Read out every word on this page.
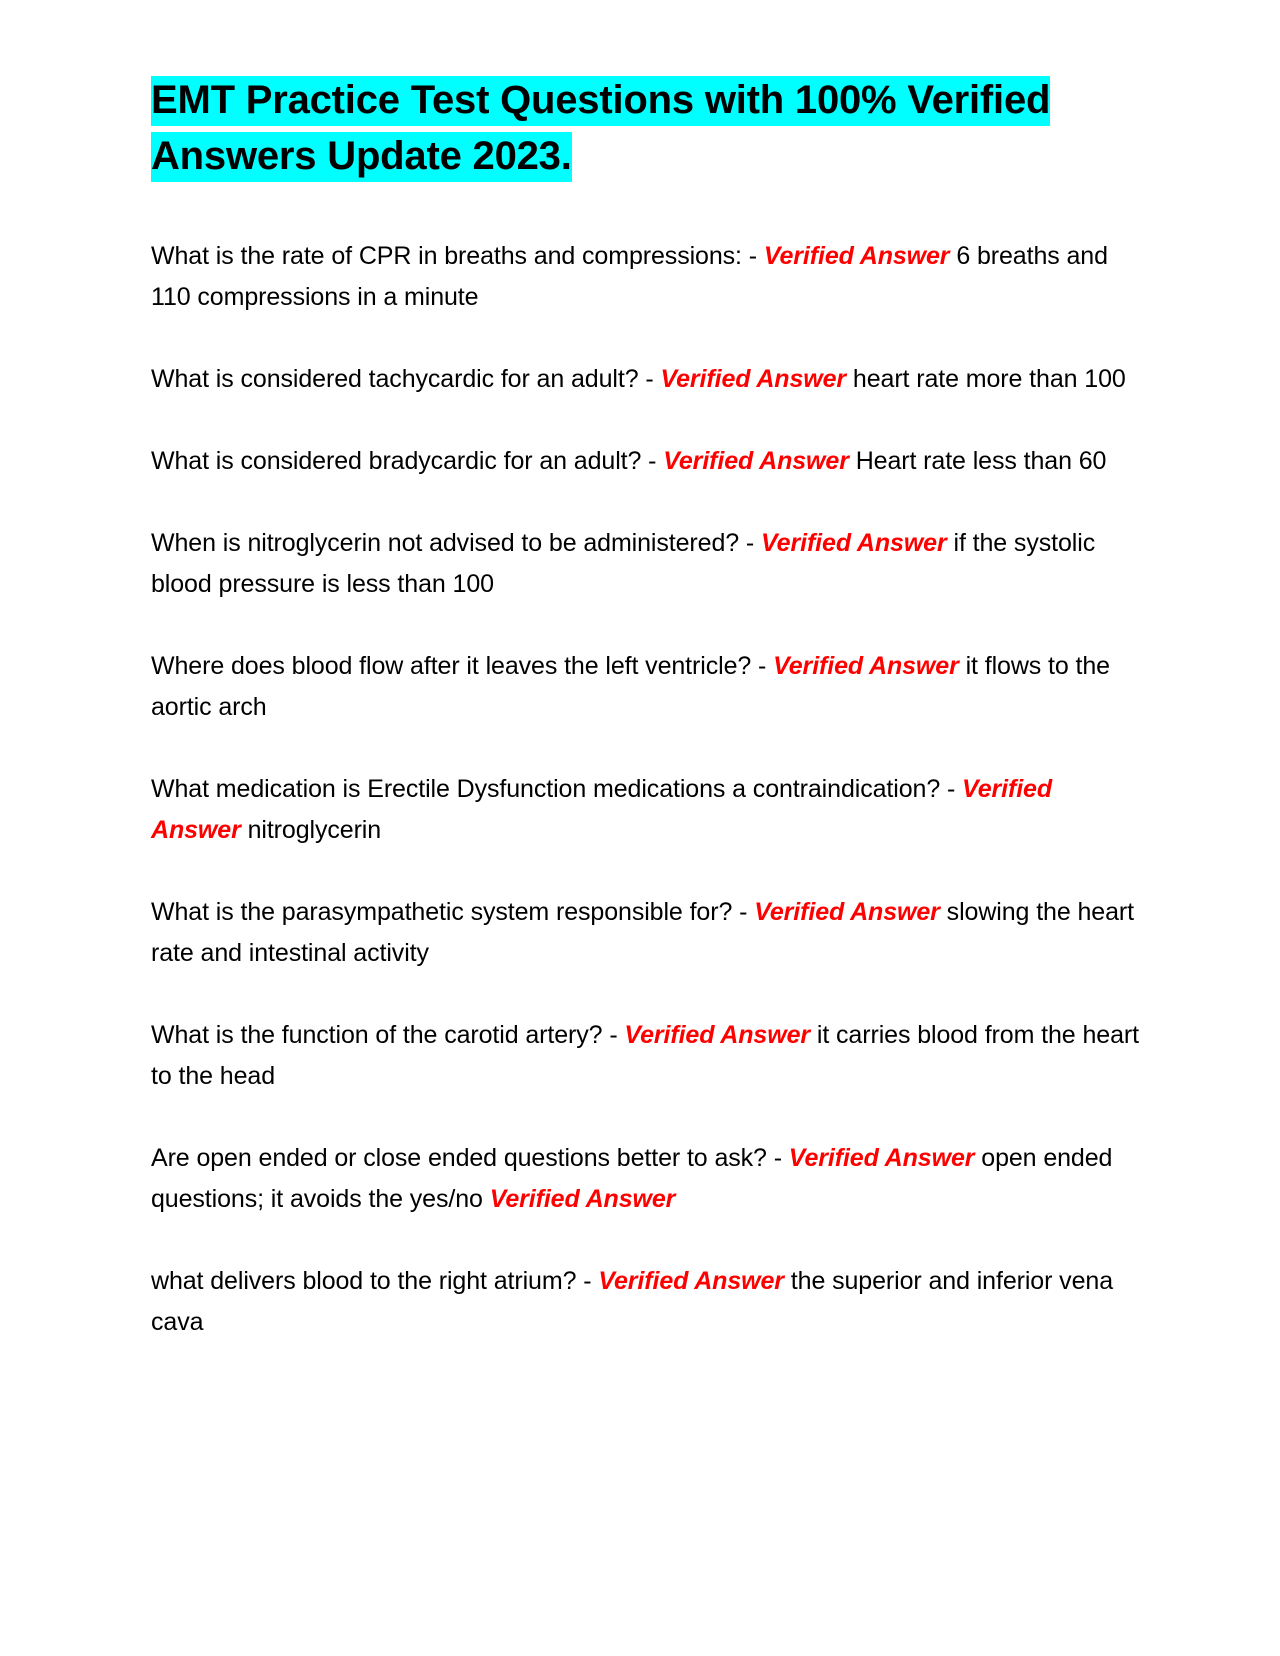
EMT Practice Test Questions with 100% Verified Answers Update 2023.

What is the rate of CPR in breaths and compressions: - Verified Answer 6 breaths and 110 compressions in a minute

What is considered tachycardic for an adult? - Verified Answer heart rate more than 100

What is considered bradycardic for an adult? - Verified Answer Heart rate less than 60

When is nitroglycerin not advised to be administered? - Verified Answer if the systolic blood pressure is less than 100

Where does blood flow after it leaves the left ventricle? - Verified Answer it flows to the aortic arch

What medication is Erectile Dysfunction medications a contraindication? - Verified Answer nitroglycerin

What is the parasympathetic system responsible for? - Verified Answer slowing the heart rate and intestinal activity

What is the function of the carotid artery? - Verified Answer it carries blood from the heart to the head

Are open ended or close ended questions better to ask? - Verified Answer open ended questions; it avoids the yes/no Verified Answer

what delivers blood to the right atrium? - Verified Answer the superior and inferior vena cava
